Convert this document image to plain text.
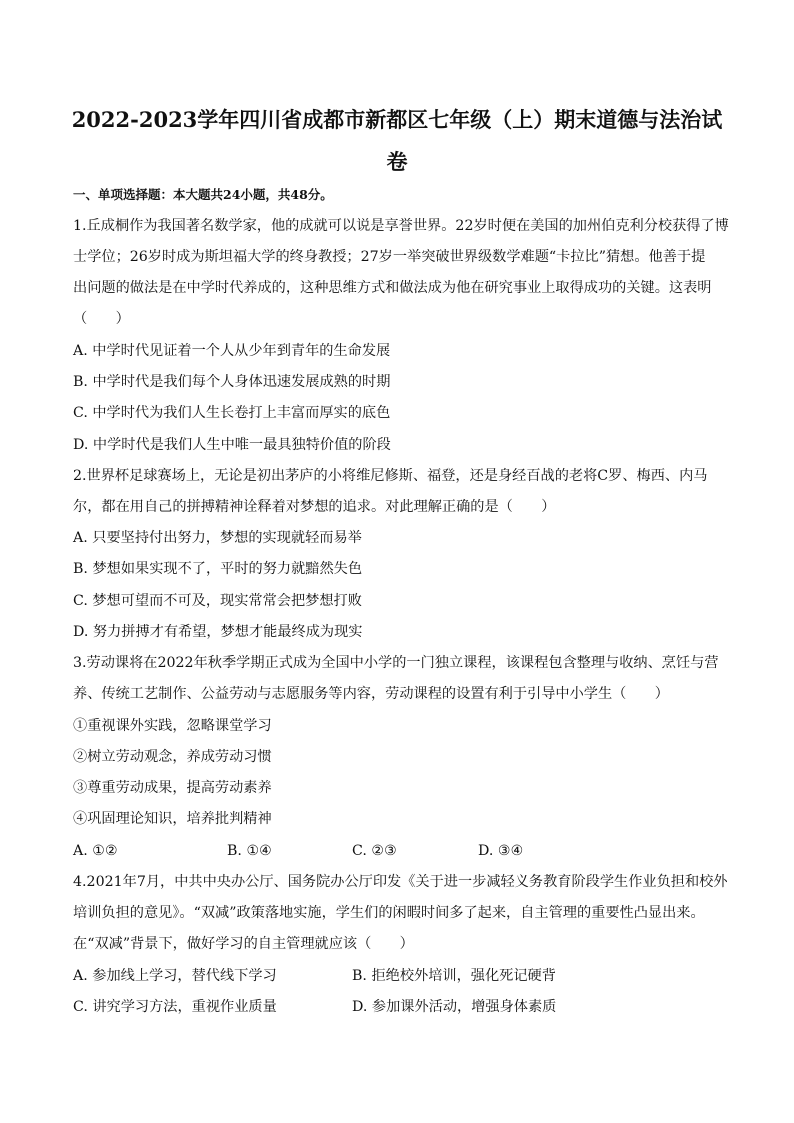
2022-2023学年四川省成都市新都区七年级（上）期末道德与法治试
卷
一、单项选择题：本大题共24小题，共48分。
1.丘成桐作为我国著名数学家，他的成就可以说是享誉世界。22岁时便在美国的加州伯克利分校获得了博
士学位；26岁时成为斯坦福大学的终身教授；27岁一举突破世界级数学难题“卡拉比”猜想。他善于提
出问题的做法是在中学时代养成的，这种思维方式和做法成为他在研究事业上取得成功的关键。这表明
（　　）
A. 中学时代见证着一个人从少年到青年的生命发展
B. 中学时代是我们每个人身体迅速发展成熟的时期
C. 中学时代为我们人生长卷打上丰富而厚实的底色
D. 中学时代是我们人生中唯一最具独特价值的阶段
2.世界杯足球赛场上，无论是初出茅庐的小将维尼修斯、福登，还是身经百战的老将C罗、梅西、内马
尔，都在用自己的拼搏精神诠释着对梦想的追求。对此理解正确的是（　　）
A. 只要坚持付出努力，梦想的实现就轻而易举
B. 梦想如果实现不了，平时的努力就黯然失色
C. 梦想可望而不可及，现实常常会把梦想打败
D. 努力拼搏才有希望，梦想才能最终成为现实
3.劳动课将在2022年秋季学期正式成为全国中小学的一门独立课程，该课程包含整理与收纳、烹饪与营
养、传统工艺制作、公益劳动与志愿服务等内容，劳动课程的设置有利于引导中小学生（　　）
①重视课外实践，忽略课堂学习
②树立劳动观念，养成劳动习惯
③尊重劳动成果，提高劳动素养
④巩固理论知识，培养批判精神
A. ①②	B. ①④	C. ②③	D. ③④
4.2021年7月，中共中央办公厅、国务院办公厅印发《关于进一步减轻义务教育阶段学生作业负担和校外
培训负担的意见》。“双减”政策落地实施，学生们的闲暇时间多了起来，自主管理的重要性凸显出来。
在“双减”背景下，做好学习的自主管理就应该（　　）
A. 参加线上学习，替代线下学习	B. 拒绝校外培训，强化死记硬背
C. 讲究学习方法，重视作业质量	D. 参加课外活动，增强身体素质
